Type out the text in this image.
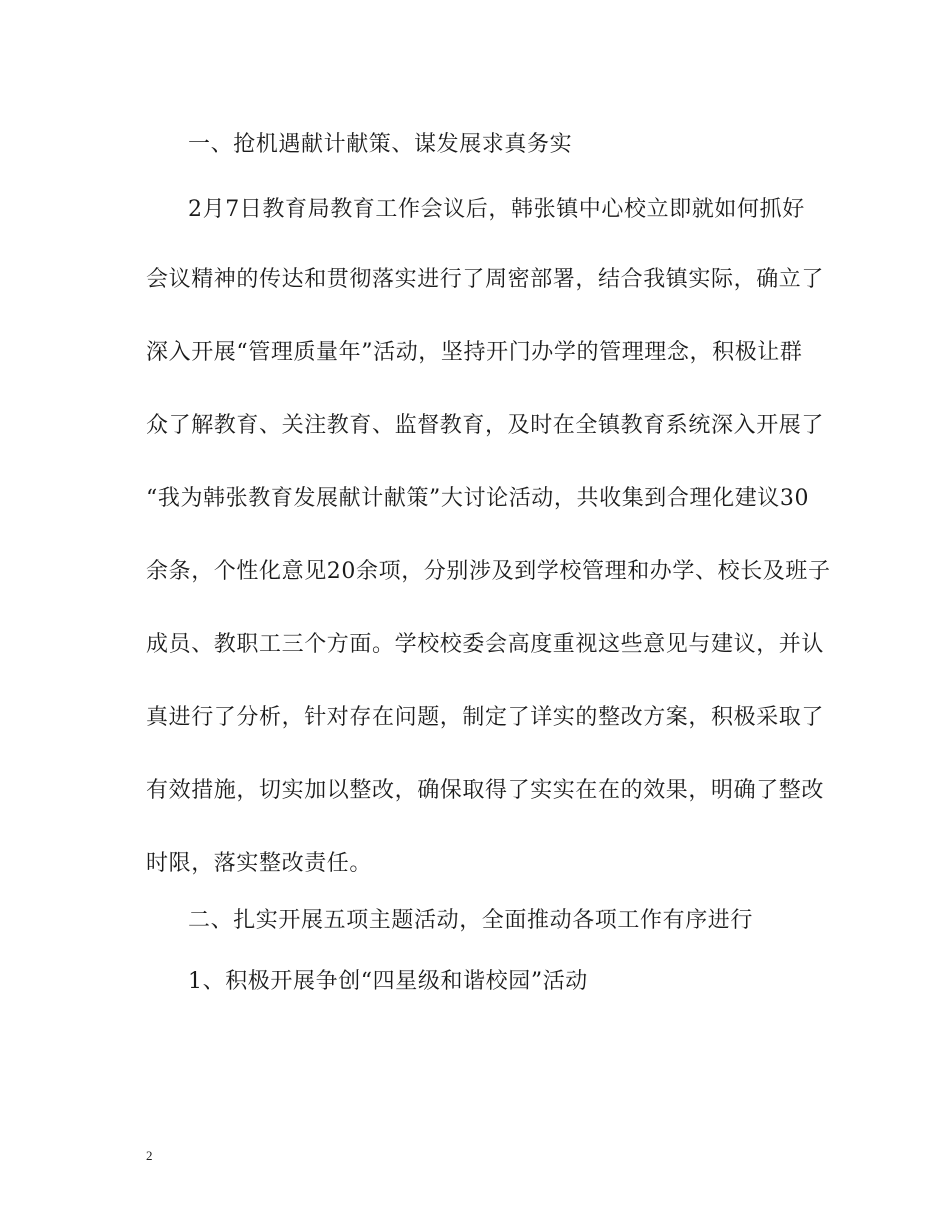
一、抢机遇献计献策、谋发展求真务实
2月7日教育局教育工作会议后，韩张镇中心校立即就如何抓好
会议精神的传达和贯彻落实进行了周密部署，结合我镇实际，确立了
深入开展“管理质量年”活动，坚持开门办学的管理理念，积极让群
众了解教育、关注教育、监督教育，及时在全镇教育系统深入开展了
“我为韩张教育发展献计献策”大讨论活动，共收集到合理化建议30
余条，个性化意见20余项，分别涉及到学校管理和办学、校长及班子
成员、教职工三个方面。学校校委会高度重视这些意见与建议，并认
真进行了分析，针对存在问题，制定了详实的整改方案，积极采取了
有效措施，切实加以整改，确保取得了实实在在的效果，明确了整改
时限，落实整改责任。
二、扎实开展五项主题活动，全面推动各项工作有序进行
1、积极开展争创“四星级和谐校园”活动
2
